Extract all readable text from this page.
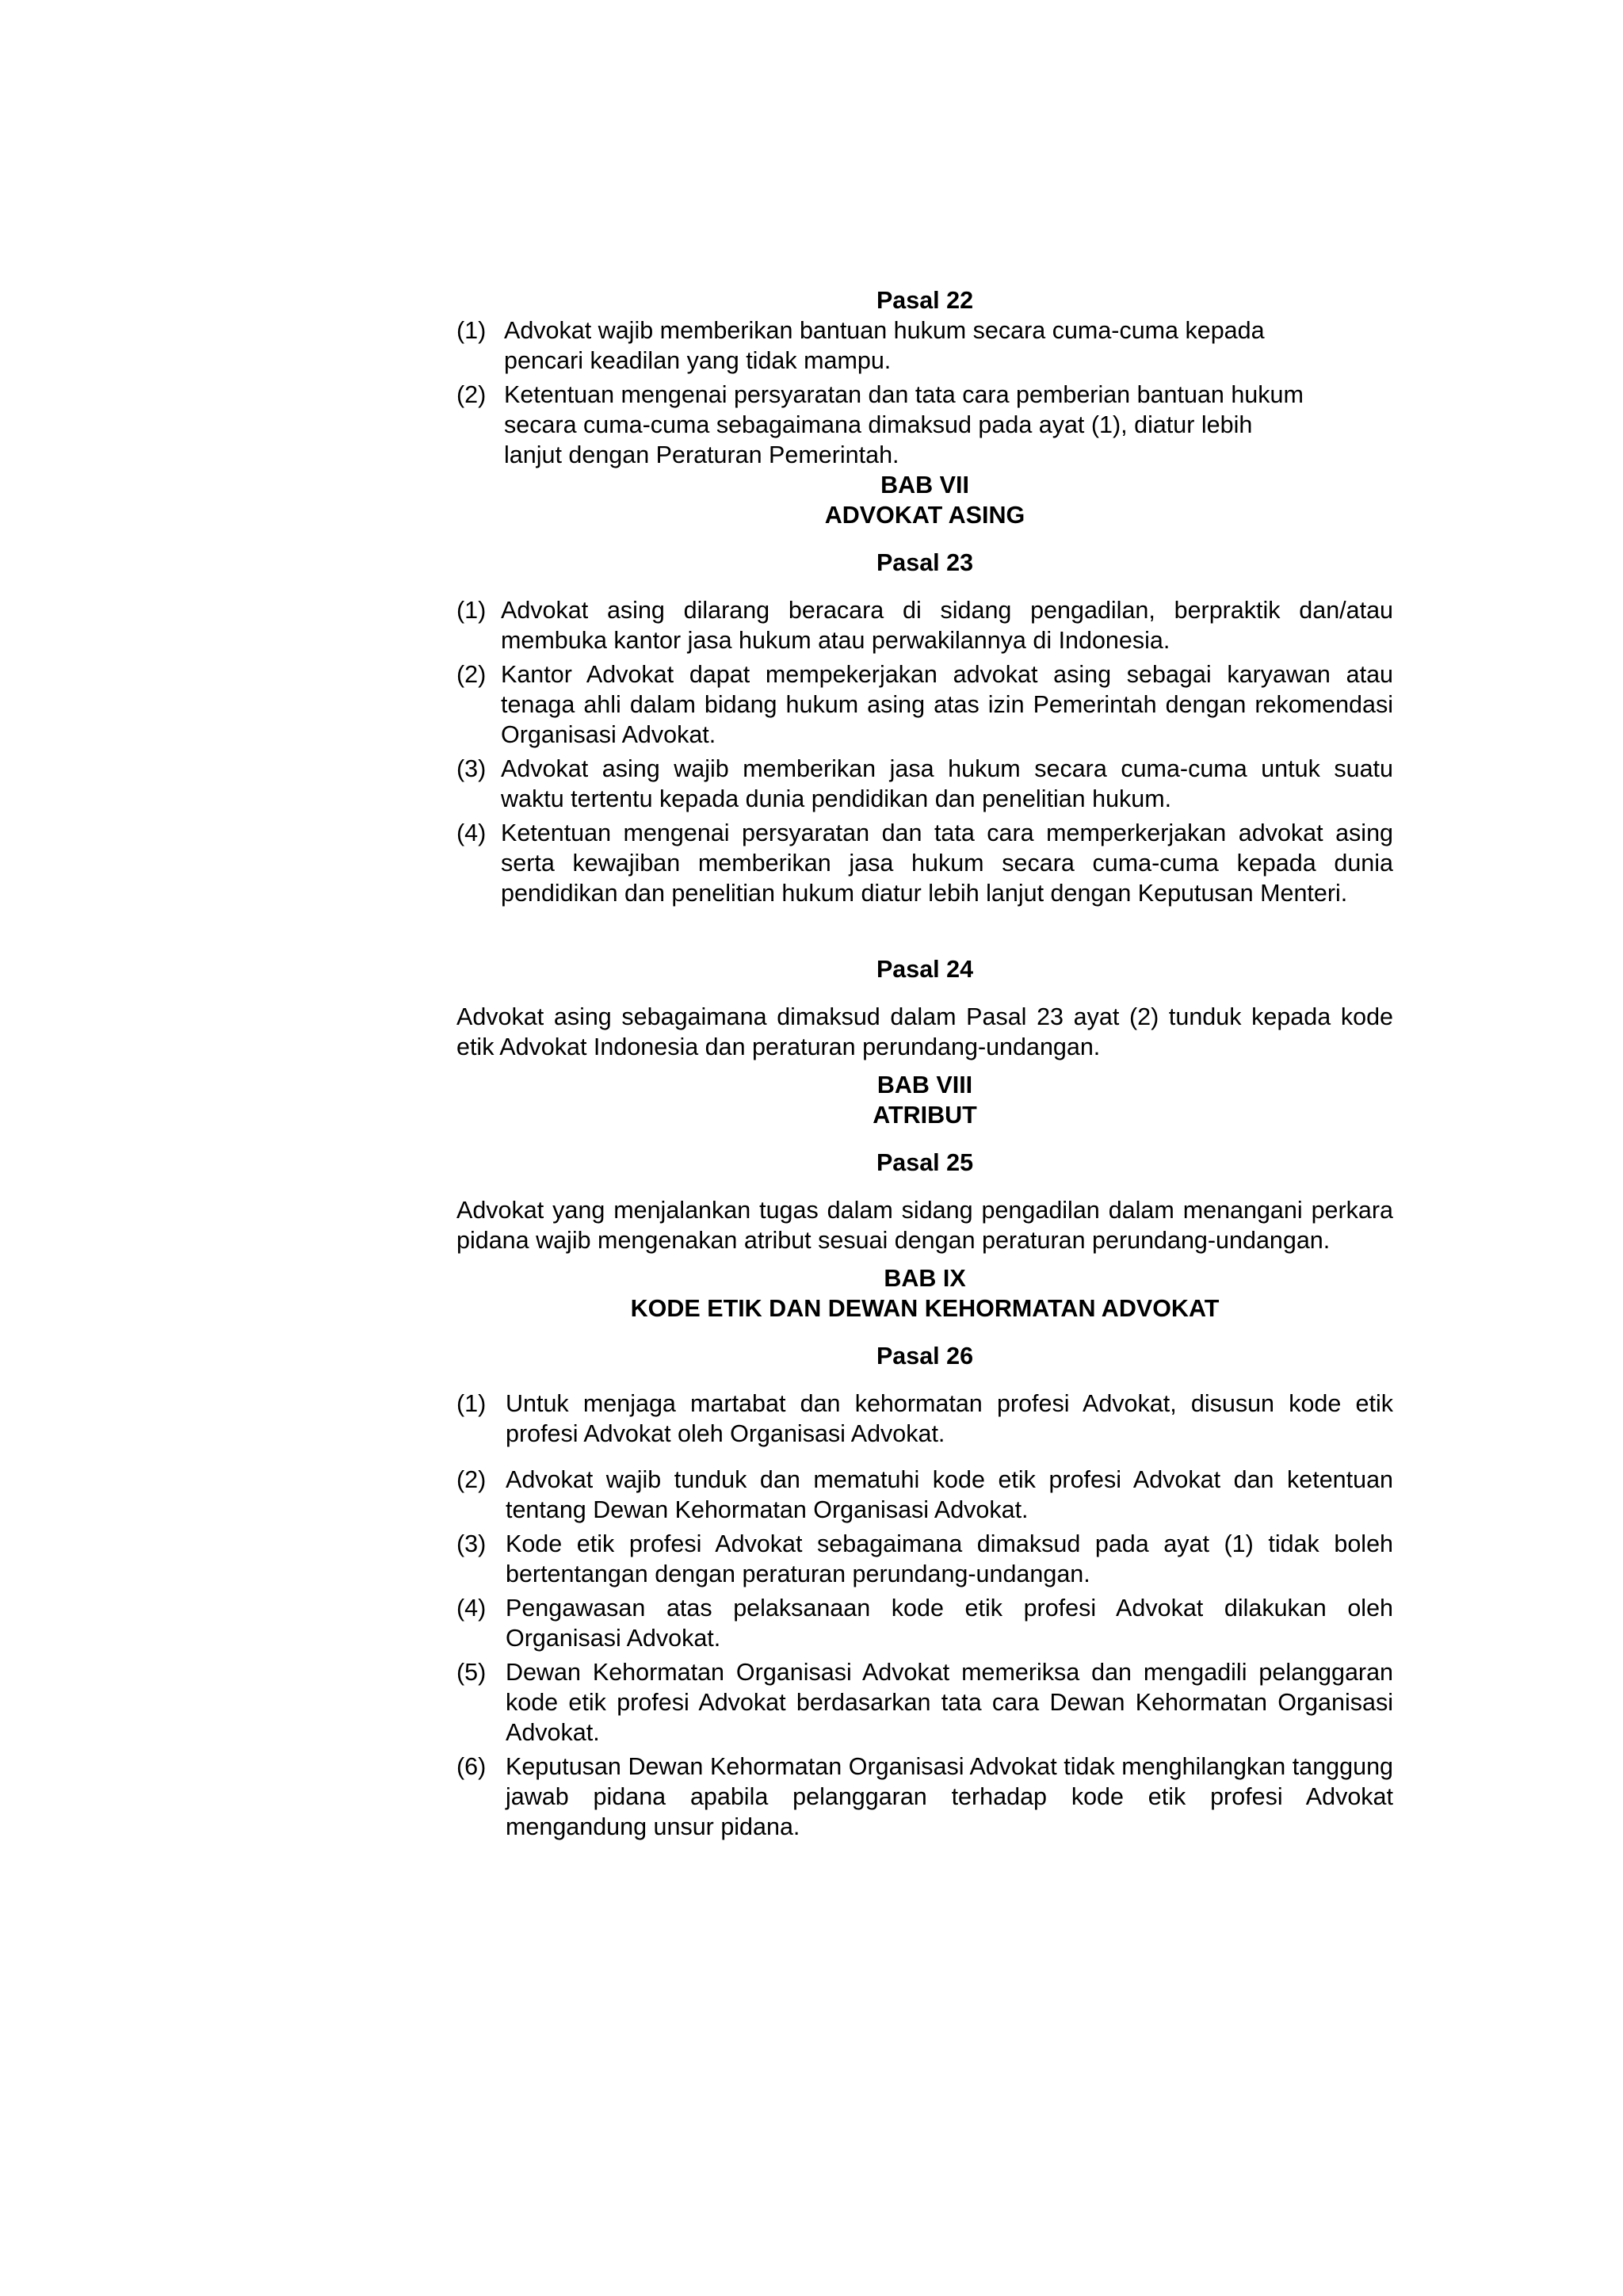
Pasal 22
(1) Advokat wajib memberikan bantuan hukum secara cuma-cuma kepada
pencari keadilan yang tidak mampu.
(2) Ketentuan mengenai persyaratan dan tata cara pemberian bantuan hukum
secara cuma-cuma sebagaimana dimaksud pada ayat (1), diatur lebih
lanjut dengan Peraturan Pemerintah.
BAB VII
ADVOKAT ASING
Pasal 23
(1) Advokat asing dilarang beracara di sidang pengadilan, berpraktik dan/atau membuka kantor jasa hukum atau perwakilannya di Indonesia.
(2) Kantor Advokat dapat mempekerjakan advokat asing sebagai karyawan atau tenaga ahli dalam bidang hukum asing atas izin Pemerintah dengan rekomendasi Organisasi Advokat.
(3) Advokat asing wajib memberikan jasa hukum secara cuma-cuma untuk suatu waktu tertentu kepada dunia pendidikan dan penelitian hukum.
(4) Ketentuan mengenai persyaratan dan tata cara memperkerjakan advokat asing serta kewajiban memberikan jasa hukum secara cuma-cuma kepada dunia pendidikan dan penelitian hukum diatur lebih lanjut dengan Keputusan Menteri.
Pasal 24
Advokat asing sebagaimana dimaksud dalam Pasal 23 ayat (2) tunduk kepada kode etik Advokat Indonesia dan peraturan perundang-undangan.
BAB VIII
ATRIBUT
Pasal 25
Advokat yang menjalankan tugas dalam sidang pengadilan dalam menangani perkara pidana wajib mengenakan atribut sesuai dengan peraturan perundang-undangan.
BAB IX
KODE ETIK DAN DEWAN KEHORMATAN ADVOKAT
Pasal 26
(1) Untuk menjaga martabat dan kehormatan profesi Advokat, disusun kode etik profesi Advokat oleh Organisasi Advokat.
(2) Advokat wajib tunduk dan mematuhi kode etik profesi Advokat dan ketentuan tentang Dewan Kehormatan Organisasi Advokat.
(3) Kode etik profesi Advokat sebagaimana dimaksud pada ayat (1) tidak boleh bertentangan dengan peraturan perundang-undangan.
(4) Pengawasan atas pelaksanaan kode etik profesi Advokat dilakukan oleh Organisasi Advokat.
(5) Dewan Kehormatan Organisasi Advokat memeriksa dan mengadili pelanggaran kode etik profesi Advokat berdasarkan tata cara Dewan Kehormatan Organisasi Advokat.
(6) Keputusan Dewan Kehormatan Organisasi Advokat tidak menghilangkan tanggung jawab pidana apabila pelanggaran terhadap kode etik profesi Advokat mengandung unsur pidana.
